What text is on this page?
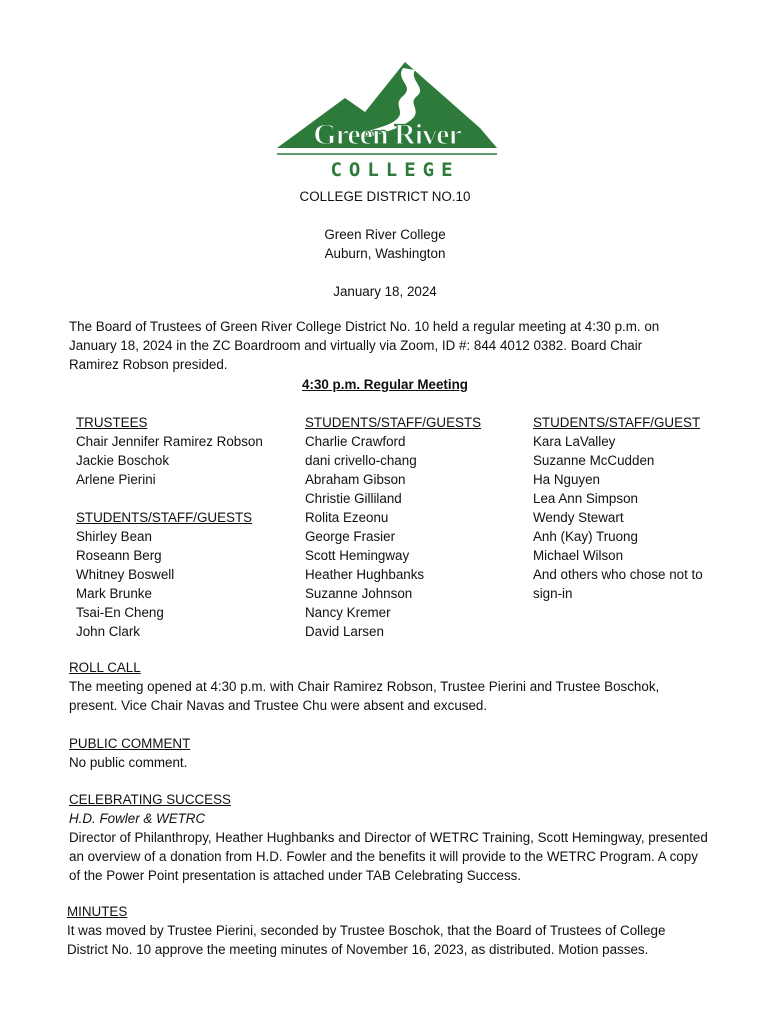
Green River
COLLEGE
COLLEGE DISTRICT NO.10
Green River College
Auburn, Washington
January 18, 2024
The Board of Trustees of Green River College District No. 10 held a regular meeting at 4:30 p.m. on January 18, 2024 in the ZC Boardroom and virtually via Zoom, ID #: 844 4012 0382. Board Chair Ramirez Robson presided.
4:30 p.m. Regular Meeting
TRUSTEES
Chair Jennifer Ramirez Robson
Jackie Boschok
Arlene Pierini
STUDENTS/STAFF/GUESTS
Shirley Bean
Roseann Berg
Whitney Boswell
Mark Brunke
Tsai-En Cheng
John Clark
STUDENTS/STAFF/GUESTS
Charlie Crawford
dani crivello-chang
Abraham Gibson
Christie Gilliland
Rolita Ezeonu
George Frasier
Scott Hemingway
Heather Hughbanks
Suzanne Johnson
Nancy Kremer
David Larsen
STUDENTS/STAFF/GUEST
Kara LaValley
Suzanne McCudden
Ha Nguyen
Lea Ann Simpson
Wendy Stewart
Anh (Kay) Truong
Michael Wilson
And others who chose not to
sign-in
ROLL CALL
The meeting opened at 4:30 p.m. with Chair Ramirez Robson, Trustee Pierini and Trustee Boschok, present. Vice Chair Navas and Trustee Chu were absent and excused.
PUBLIC COMMENT
No public comment.
CELEBRATING SUCCESS
H.D. Fowler & WETRC
Director of Philanthropy, Heather Hughbanks and Director of WETRC Training, Scott Hemingway, presented an overview of a donation from H.D. Fowler and the benefits it will provide to the WETRC Program. A copy of the Power Point presentation is attached under TAB Celebrating Success.
MINUTES
It was moved by Trustee Pierini, seconded by Trustee Boschok, that the Board of Trustees of College District No. 10 approve the meeting minutes of November 16, 2023, as distributed. Motion passes.
